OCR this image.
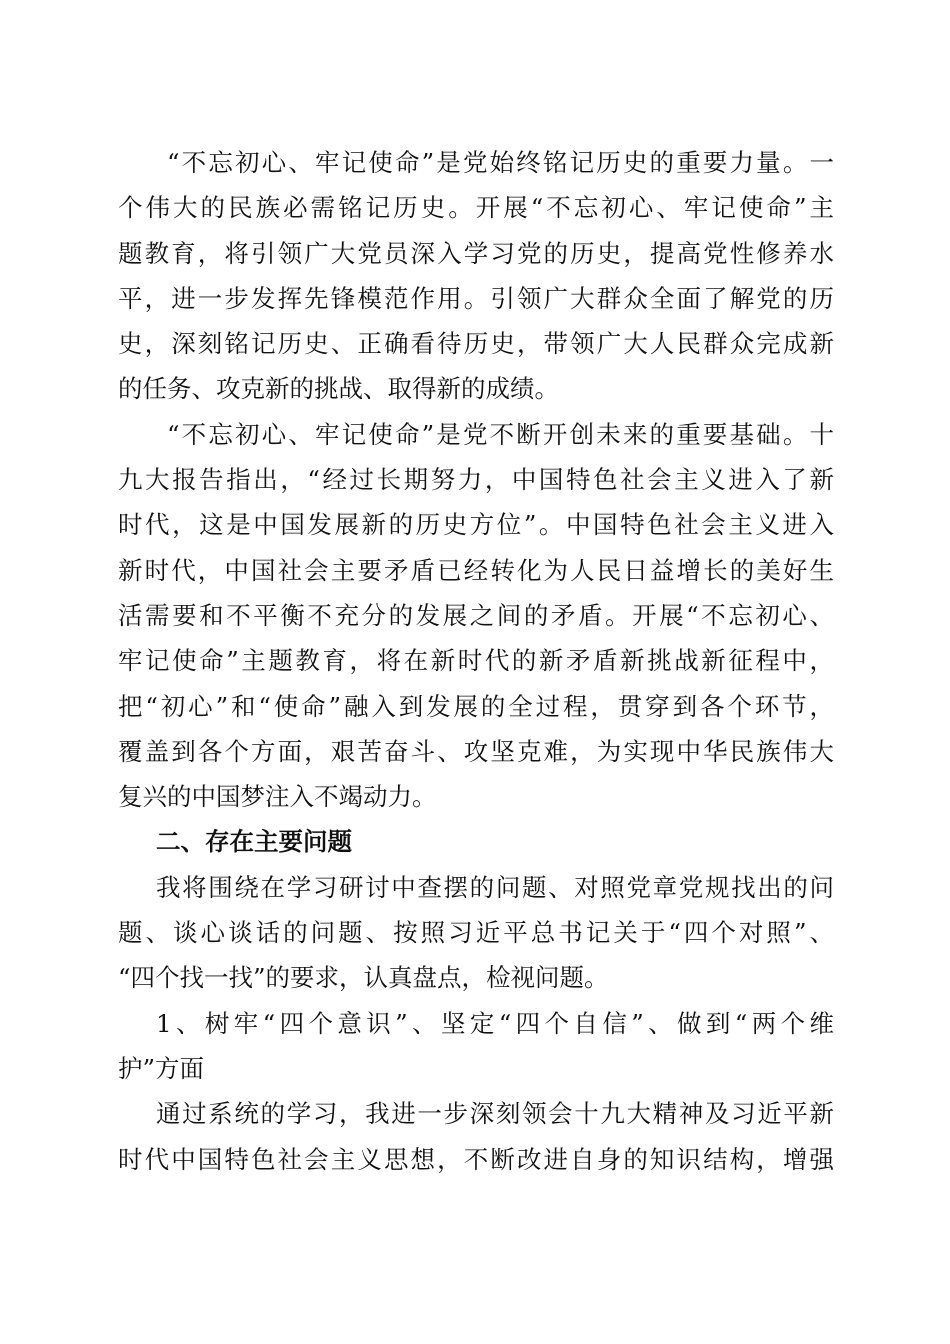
“不忘初心、牢记使命”是党始终铭记历史的重要力量。一
个伟大的民族必需铭记历史。开展“不忘初心、牢记使命”主
题教育，将引领广大党员深入学习党的历史，提高党性修养水
平，进一步发挥先锋模范作用。引领广大群众全面了解党的历
史，深刻铭记历史、正确看待历史，带领广大人民群众完成新
的任务、攻克新的挑战、取得新的成绩。
“不忘初心、牢记使命”是党不断开创未来的重要基础。十
九大报告指出，“经过长期努力，中国特色社会主义进入了新
时代，这是中国发展新的历史方位”。中国特色社会主义进入
新时代，中国社会主要矛盾已经转化为人民日益增长的美好生
活需要和不平衡不充分的发展之间的矛盾。开展“不忘初心、
牢记使命”主题教育，将在新时代的新矛盾新挑战新征程中，
把“初心”和“使命”融入到发展的全过程，贯穿到各个环节，
覆盖到各个方面，艰苦奋斗、攻坚克难，为实现中华民族伟大
复兴的中国梦注入不竭动力。
二、存在主要问题
我将围绕在学习研讨中查摆的问题、对照党章党规找出的问
题、谈心谈话的问题、按照习近平总书记关于“四个对照”、
“四个找一找”的要求，认真盘点，检视问题。
1、树牢“四个意识”、坚定“四个自信”、做到“两个维
护”方面
通过系统的学习，我进一步深刻领会十九大精神及习近平新
时代中国特色社会主义思想，不断改进自身的知识结构，增强
